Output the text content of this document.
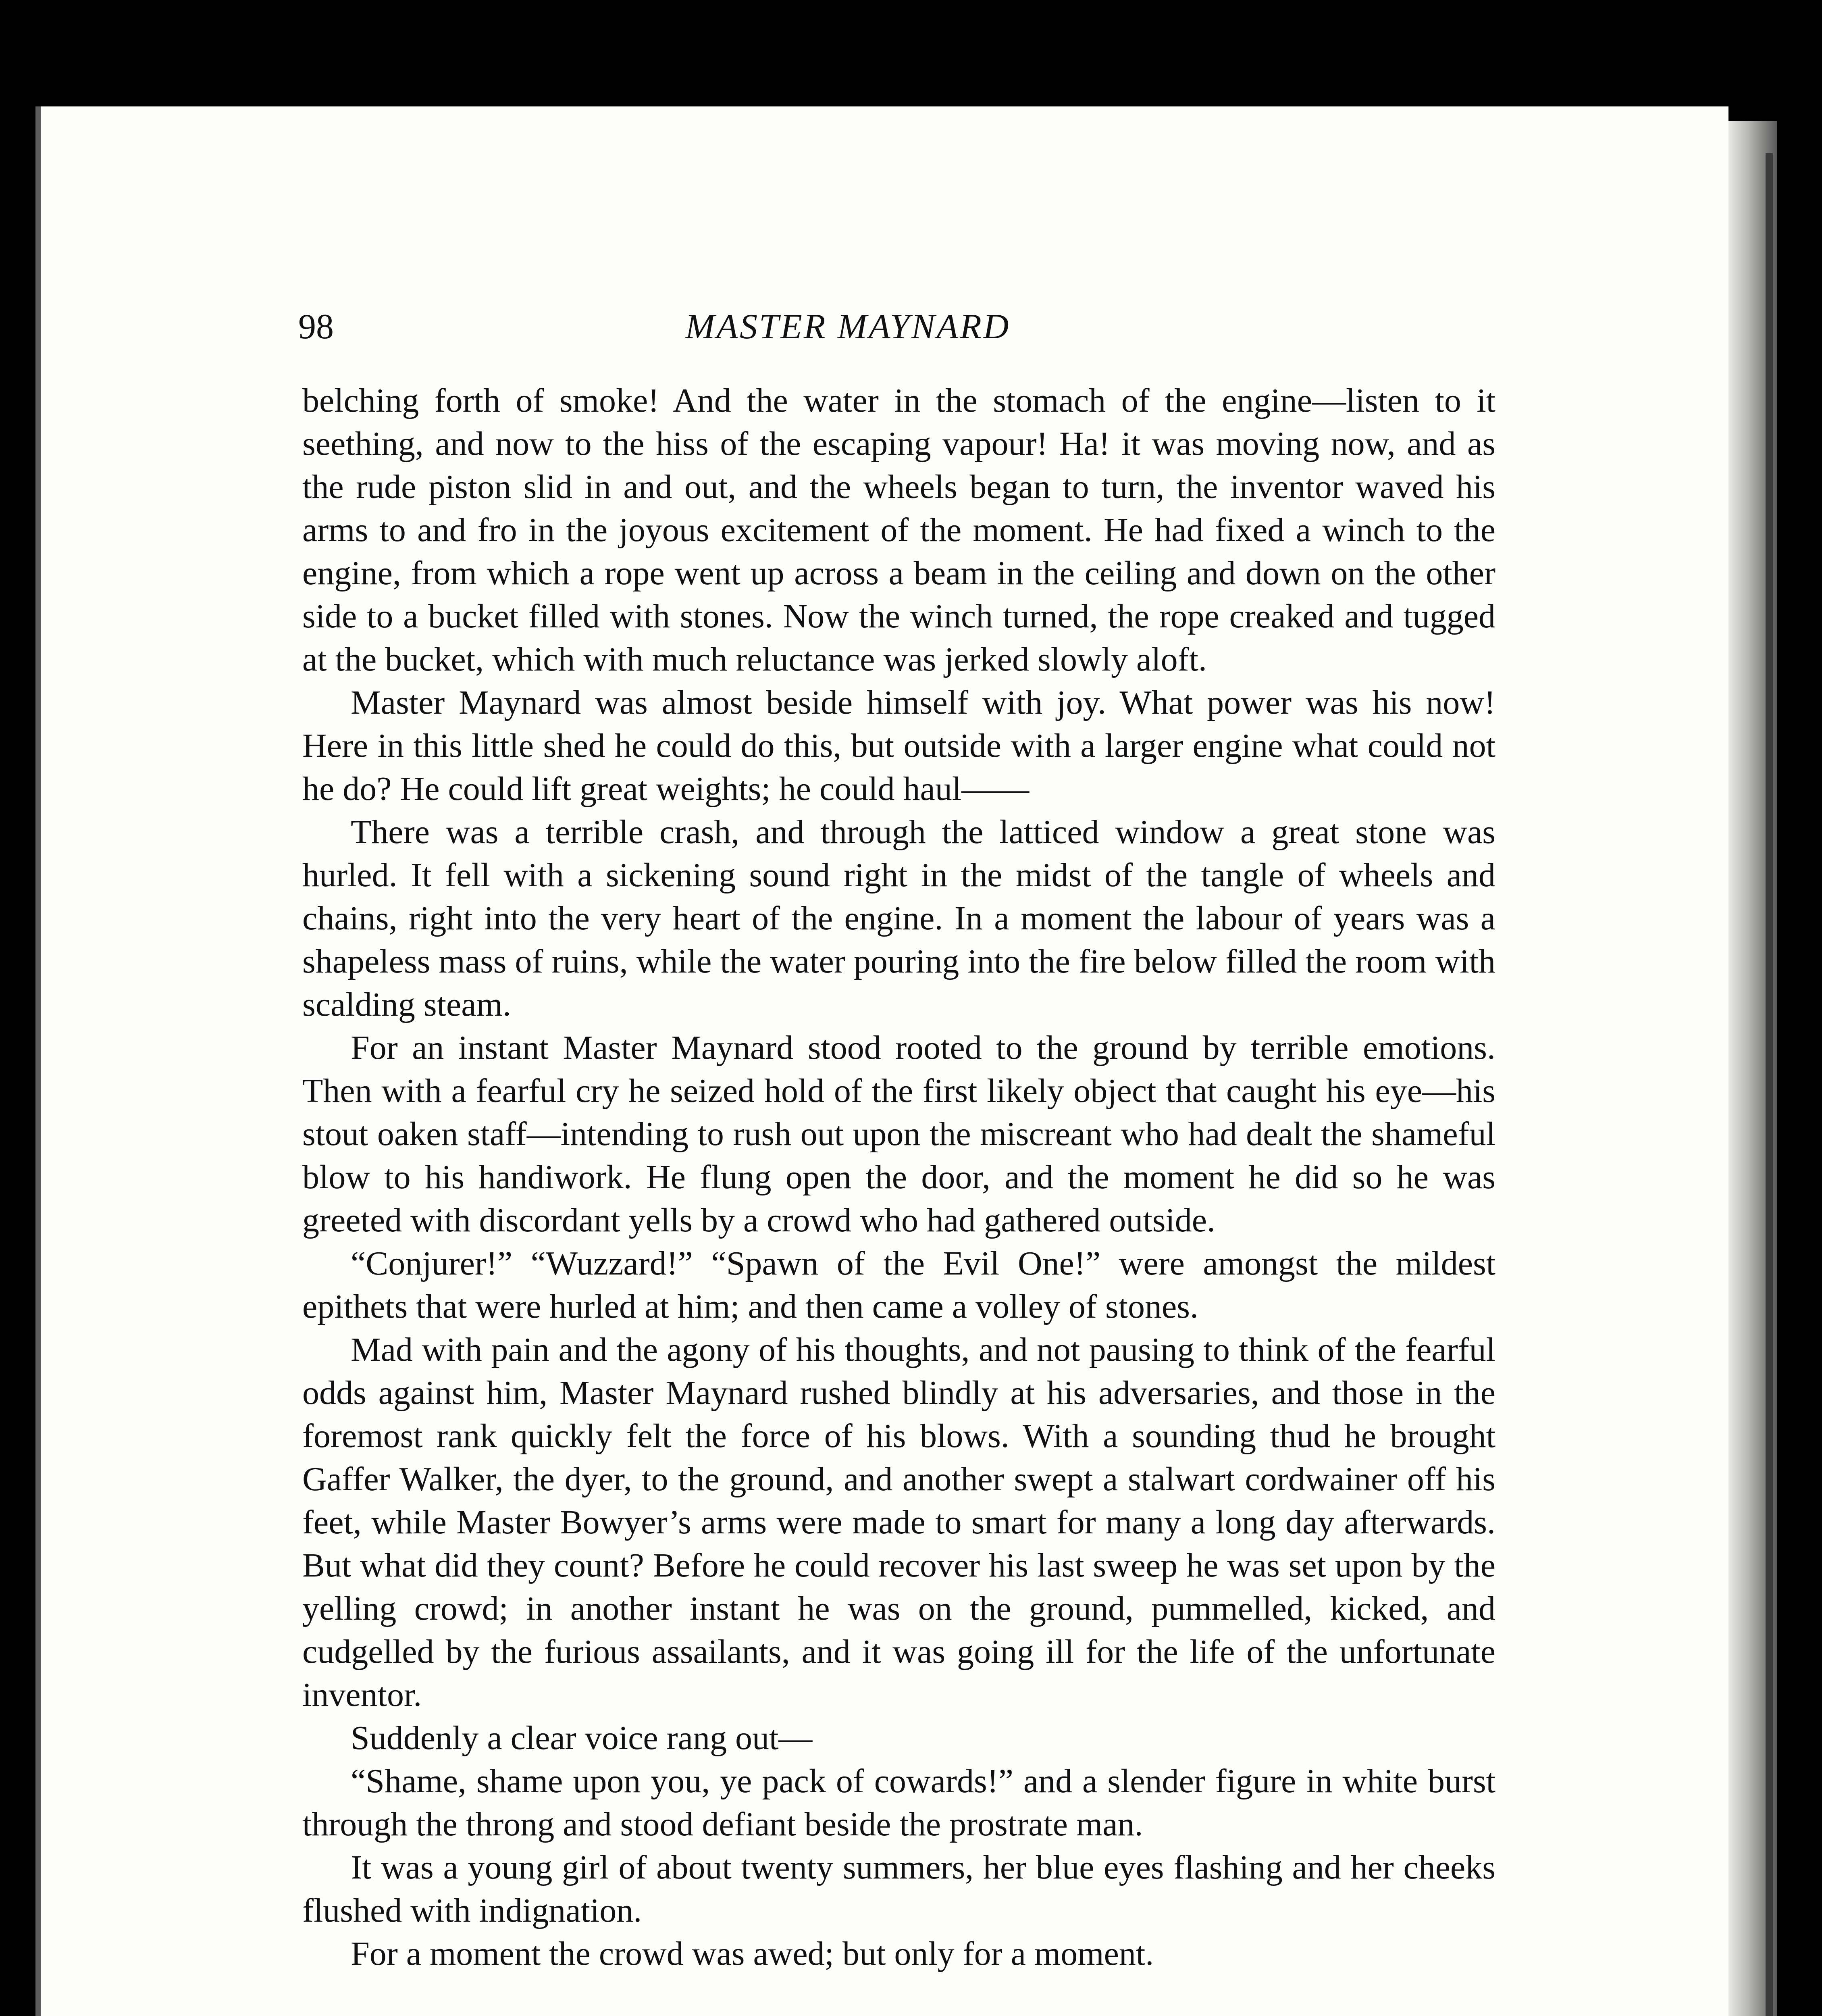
98	MASTER MAYNARD

belching forth of smoke! And the water in the stomach of the engine—listen to it seething, and now to the hiss of the escaping vapour! Ha! it was moving now, and as the rude piston slid in and out, and the wheels began to turn, the inventor waved his arms to and fro in the joyous excitement of the moment. He had fixed a winch to the engine, from which a rope went up across a beam in the ceiling and down on the other side to a bucket filled with stones. Now the winch turned, the rope creaked and tugged at the bucket, which with much reluctance was jerked slowly aloft.

Master Maynard was almost beside himself with joy. What power was his now! Here in this little shed he could do this, but outside with a larger engine what could not he do? He could lift great weights; he could haul——

There was a terrible crash, and through the latticed window a great stone was hurled. It fell with a sickening sound right in the midst of the tangle of wheels and chains, right into the very heart of the engine. In a moment the labour of years was a shapeless mass of ruins, while the water pouring into the fire below filled the room with scalding steam.

For an instant Master Maynard stood rooted to the ground by terrible emotions. Then with a fearful cry he seized hold of the first likely object that caught his eye—his stout oaken staff—intending to rush out upon the miscreant who had dealt the shameful blow to his handiwork. He flung open the door, and the moment he did so he was greeted with discordant yells by a crowd who had gathered outside.

“Conjurer!” “Wuzzard!” “Spawn of the Evil One!” were amongst the mildest epithets that were hurled at him; and then came a volley of stones.

Mad with pain and the agony of his thoughts, and not pausing to think of the fearful odds against him, Master Maynard rushed blindly at his adversaries, and those in the foremost rank quickly felt the force of his blows. With a sounding thud he brought Gaffer Walker, the dyer, to the ground, and another swept a stalwart cordwainer off his feet, while Master Bowyer’s arms were made to smart for many a long day afterwards. But what did they count? Before he could recover his last sweep he was set upon by the yelling crowd; in another instant he was on the ground, pummelled, kicked, and cudgelled by the furious assailants, and it was going ill for the life of the unfortunate inventor.

Suddenly a clear voice rang out—

“Shame, shame upon you, ye pack of cowards!” and a slender figure in white burst through the throng and stood defiant beside the prostrate man.

It was a young girl of about twenty summers, her blue eyes flashing and her cheeks flushed with indignation.

For a moment the crowd was awed; but only for a moment.
